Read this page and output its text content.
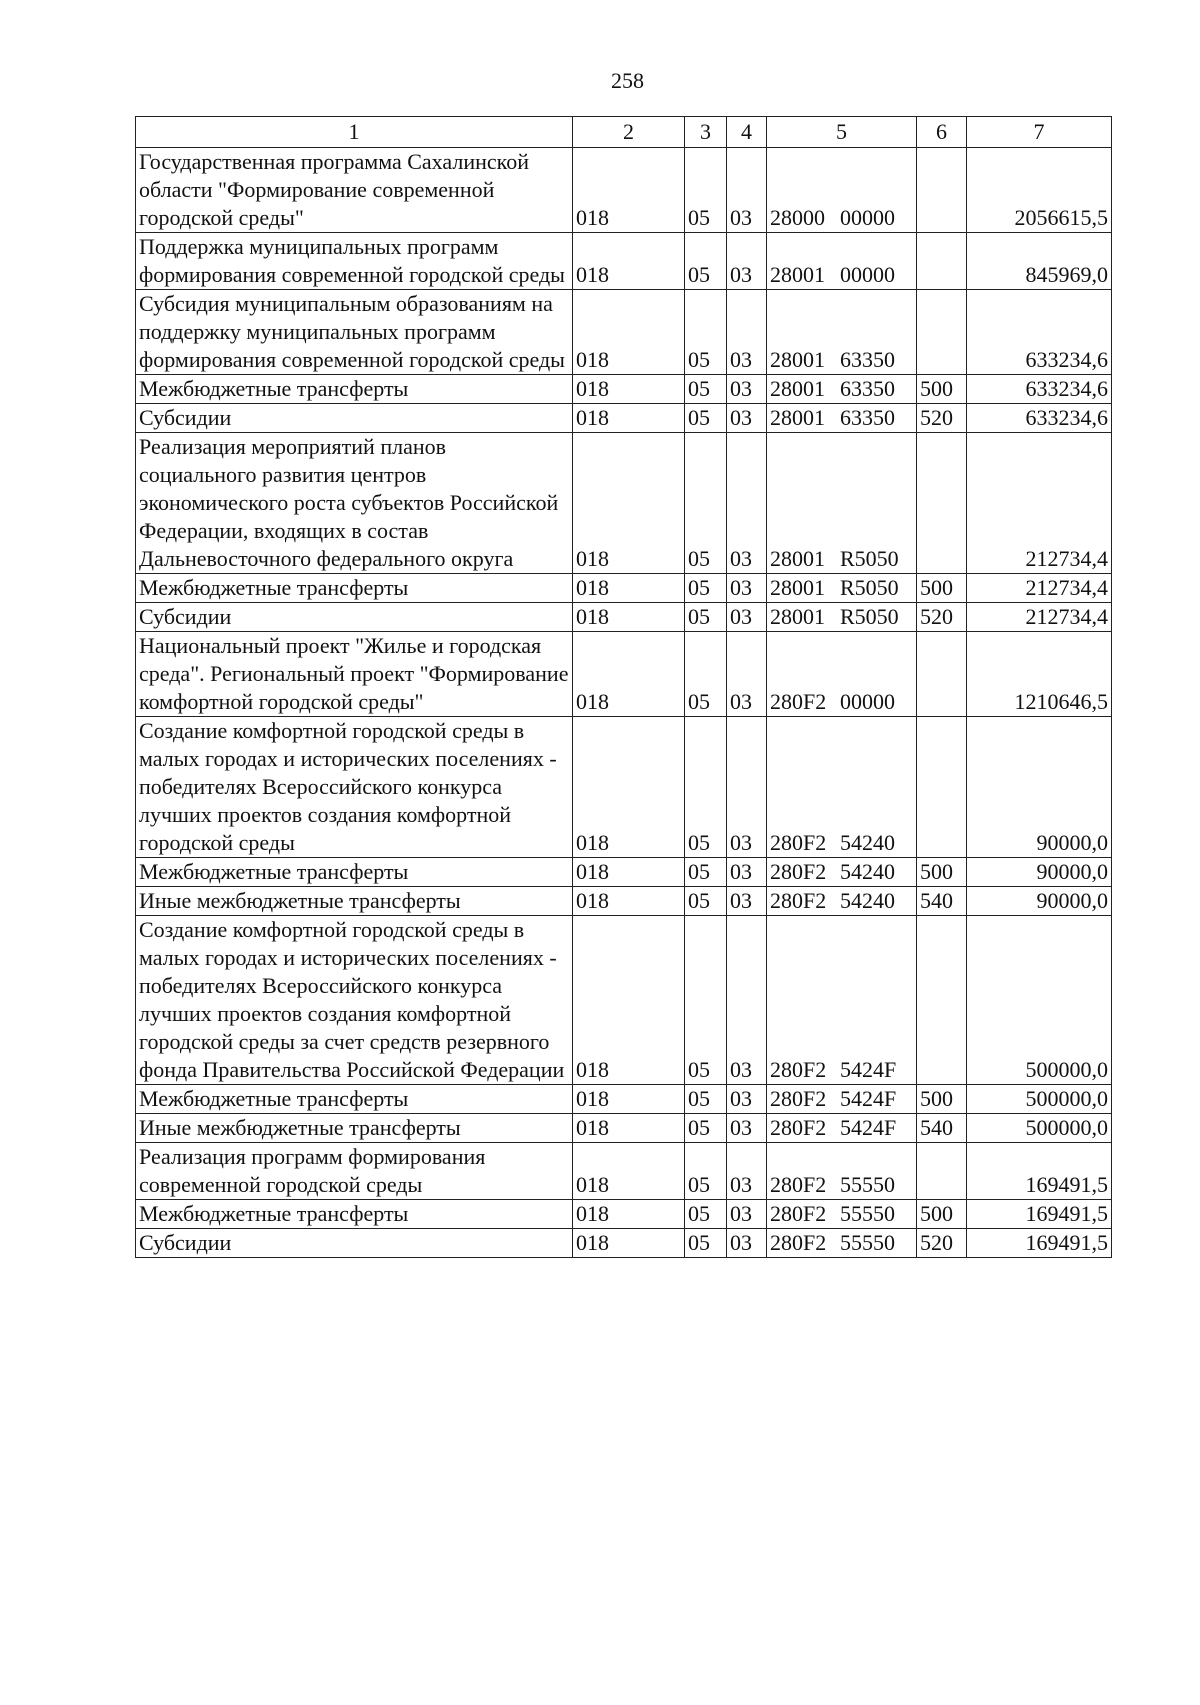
258
1	2	3	4	5	6	7
Государственная программа Сахалинской области "Формирование современной городской среды"	018	05	03	28000 00000		2056615,5
Поддержка муниципальных программ формирования современной городской среды	018	05	03	28001 00000		845969,0
Субсидия муниципальным образованиям на поддержку муниципальных программ формирования современной городской среды	018	05	03	28001 63350		633234,6
Межбюджетные трансферты	018	05	03	28001 63350	500	633234,6
Субсидии	018	05	03	28001 63350	520	633234,6
Реализация мероприятий планов социального развития центров экономического роста субъектов Российской Федерации, входящих в состав Дальневосточного федерального округа	018	05	03	28001 R5050		212734,4
Межбюджетные трансферты	018	05	03	28001 R5050	500	212734,4
Субсидии	018	05	03	28001 R5050	520	212734,4
Национальный проект "Жилье и городская среда". Региональный проект "Формирование комфортной городской среды"	018	05	03	280F2 00000		1210646,5
Создание комфортной городской среды в малых городах и исторических поселениях - победителях Всероссийского конкурса лучших проектов создания комфортной городской среды	018	05	03	280F2 54240		90000,0
Межбюджетные трансферты	018	05	03	280F2 54240	500	90000,0
Иные межбюджетные трансферты	018	05	03	280F2 54240	540	90000,0
Создание комфортной городской среды в малых городах и исторических поселениях - победителях Всероссийского конкурса лучших проектов создания комфортной городской среды за счет средств резервного фонда Правительства Российской Федерации	018	05	03	280F2 5424F		500000,0
Межбюджетные трансферты	018	05	03	280F2 5424F	500	500000,0
Иные межбюджетные трансферты	018	05	03	280F2 5424F	540	500000,0
Реализация программ формирования современной городской среды	018	05	03	280F2 55550		169491,5
Межбюджетные трансферты	018	05	03	280F2 55550	500	169491,5
Субсидии	018	05	03	280F2 55550	520	169491,5
